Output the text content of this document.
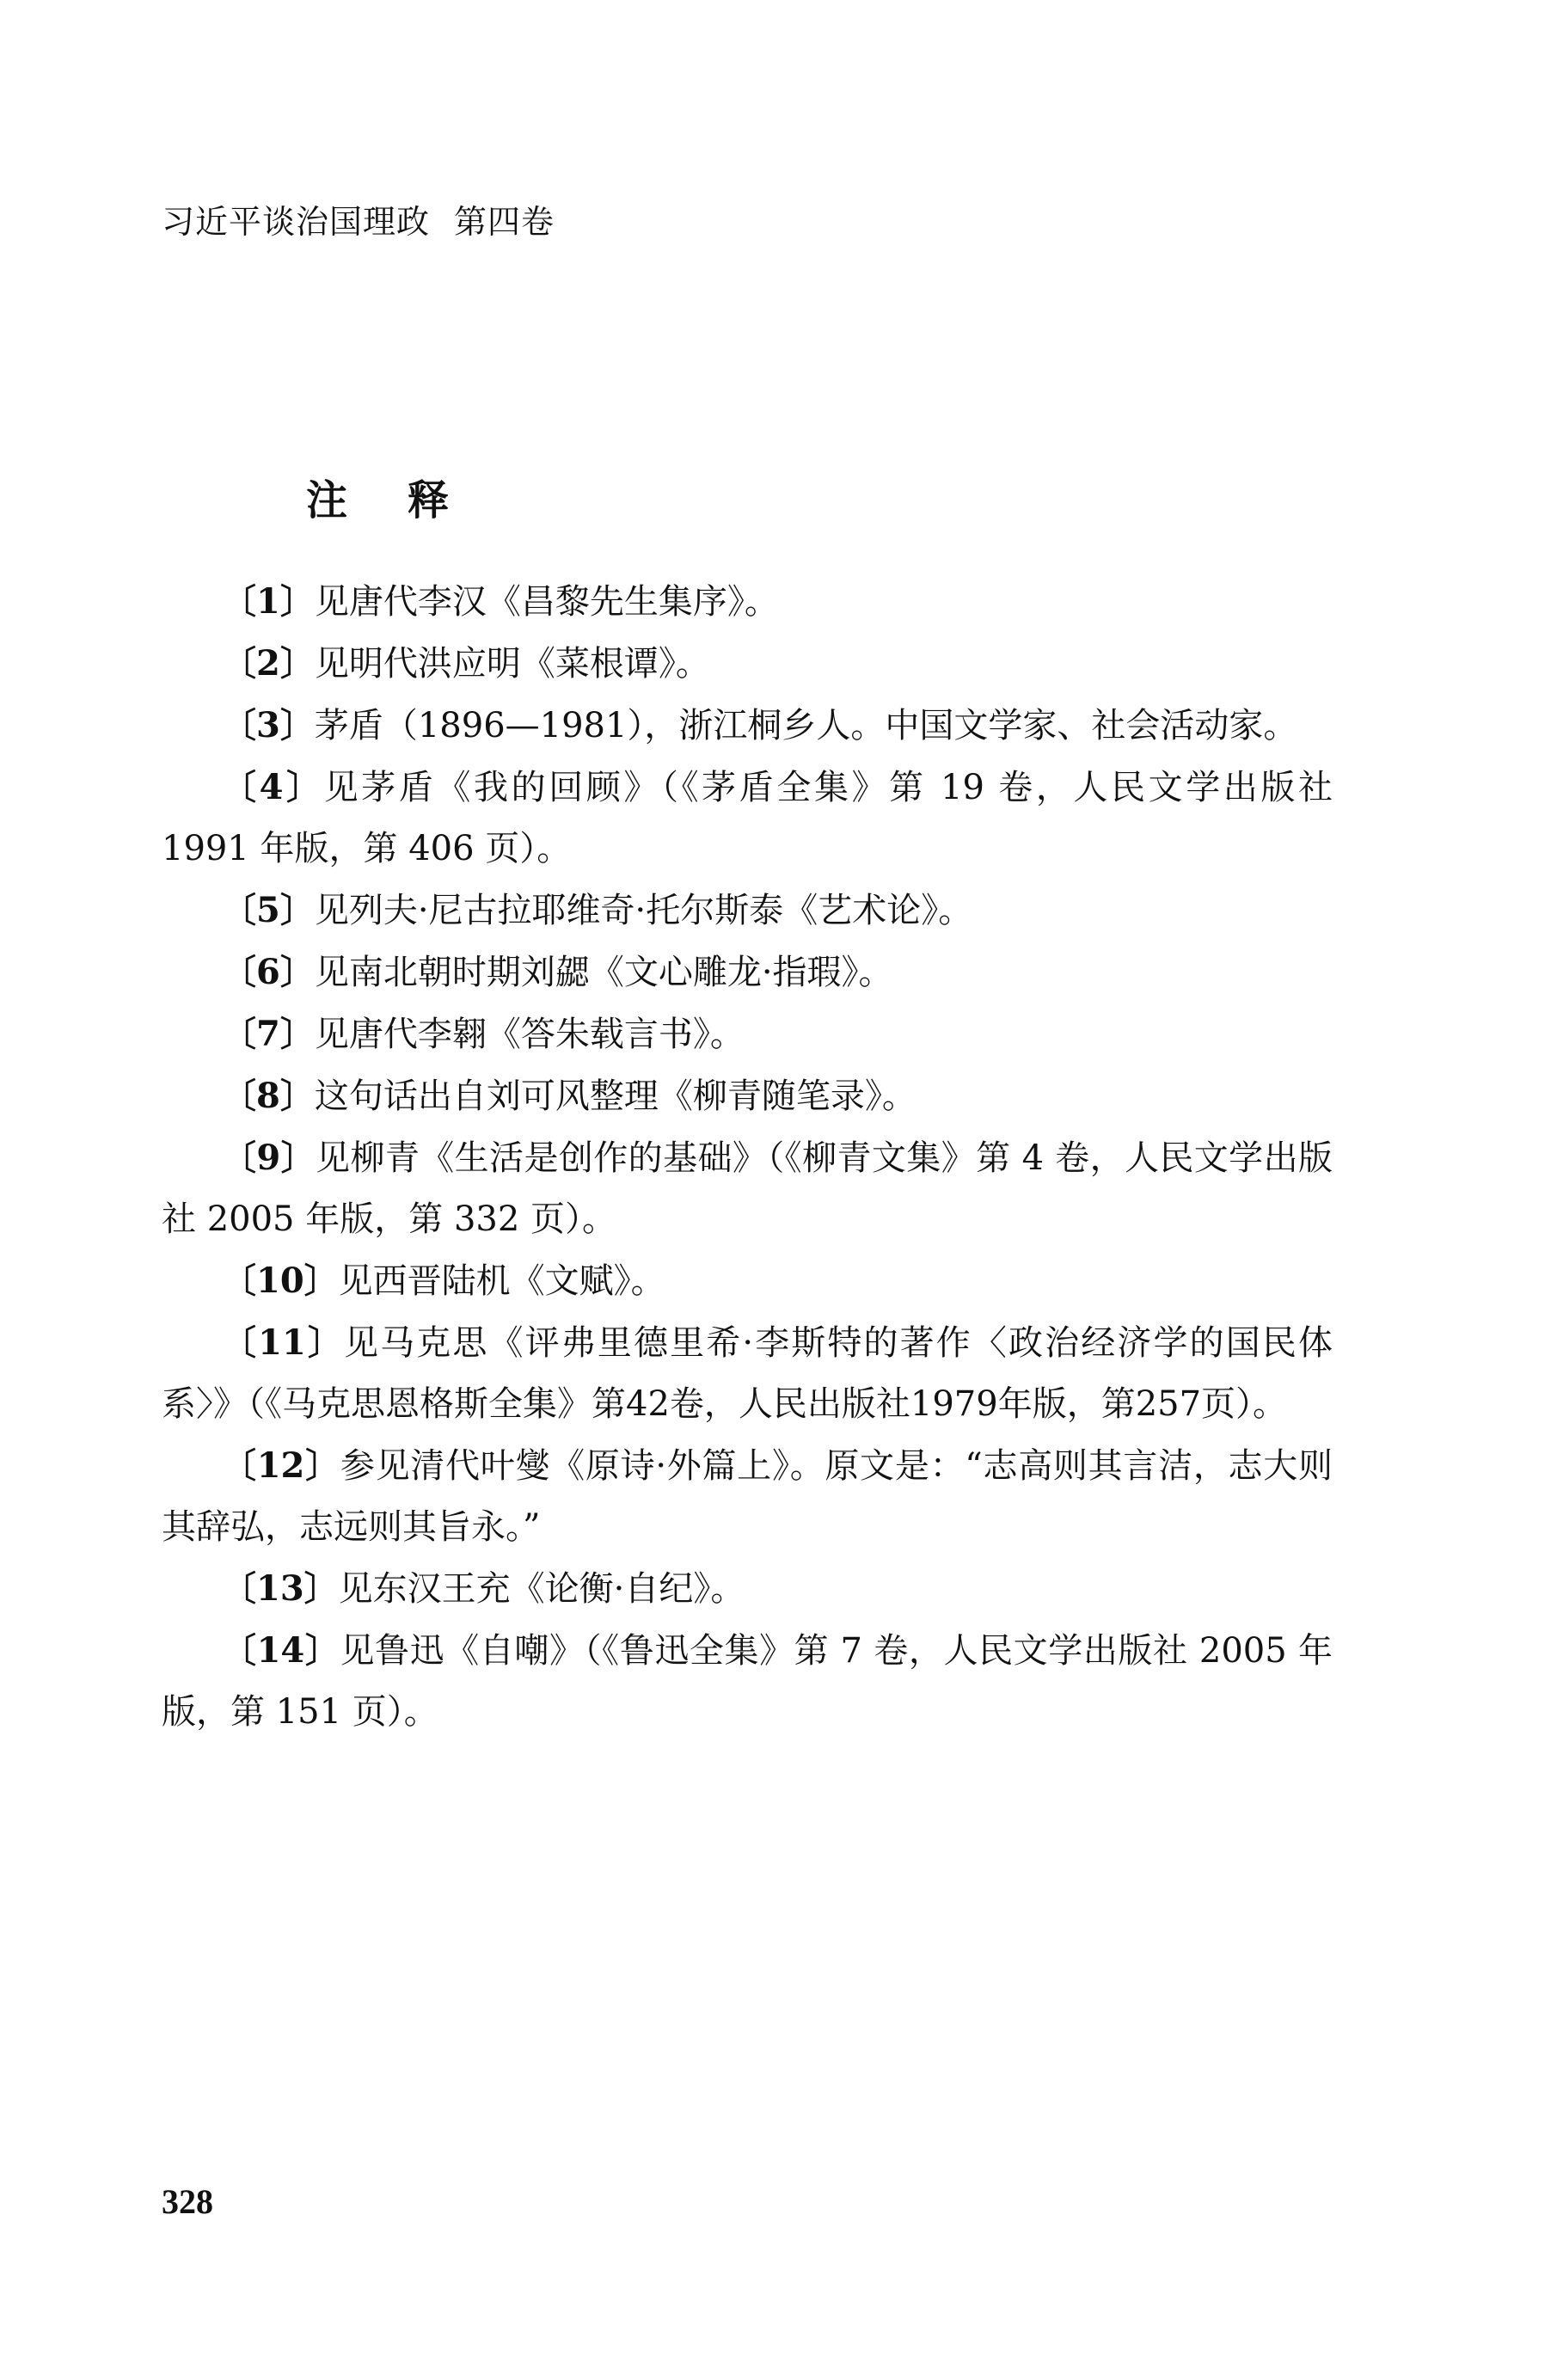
习近平谈治国理政 第四卷
注释

〔1〕见唐代李汉《昌黎先生集序》。

〔2〕见明代洪应明《菜根谭》。

〔3〕茅盾（1896—1981），浙江桐乡人。中国文学家、社会活动家。

〔4〕见茅盾《我的回顾》（《茅盾全集》第 19 卷，人民文学出版社 1991 年版，第 406 页）。

〔5〕见列夫·尼古拉耶维奇·托尔斯泰《艺术论》。

〔6〕见南北朝时期刘勰《文心雕龙·指瑕》。

〔7〕见唐代李翱《答朱载言书》。

〔8〕这句话出自刘可风整理《柳青随笔录》。

〔9〕见柳青《生活是创作的基础》（《柳青文集》第 4 卷，人民文学出版社 2005 年版，第 332 页）。

〔10〕见西晋陆机《文赋》。

〔11〕见马克思《评弗里德里希·李斯特的著作〈政治经济学的国民体系〉》（《马克思恩格斯全集》第42卷，人民出版社1979年版，第257页）。

〔12〕参见清代叶燮《原诗·外篇上》。原文是：“志高则其言洁，志大则其辞弘，志远则其旨永。”

〔13〕见东汉王充《论衡·自纪》。

〔14〕见鲁迅《自嘲》（《鲁迅全集》第 7 卷，人民文学出版社 2005 年版，第 151 页）。

328
